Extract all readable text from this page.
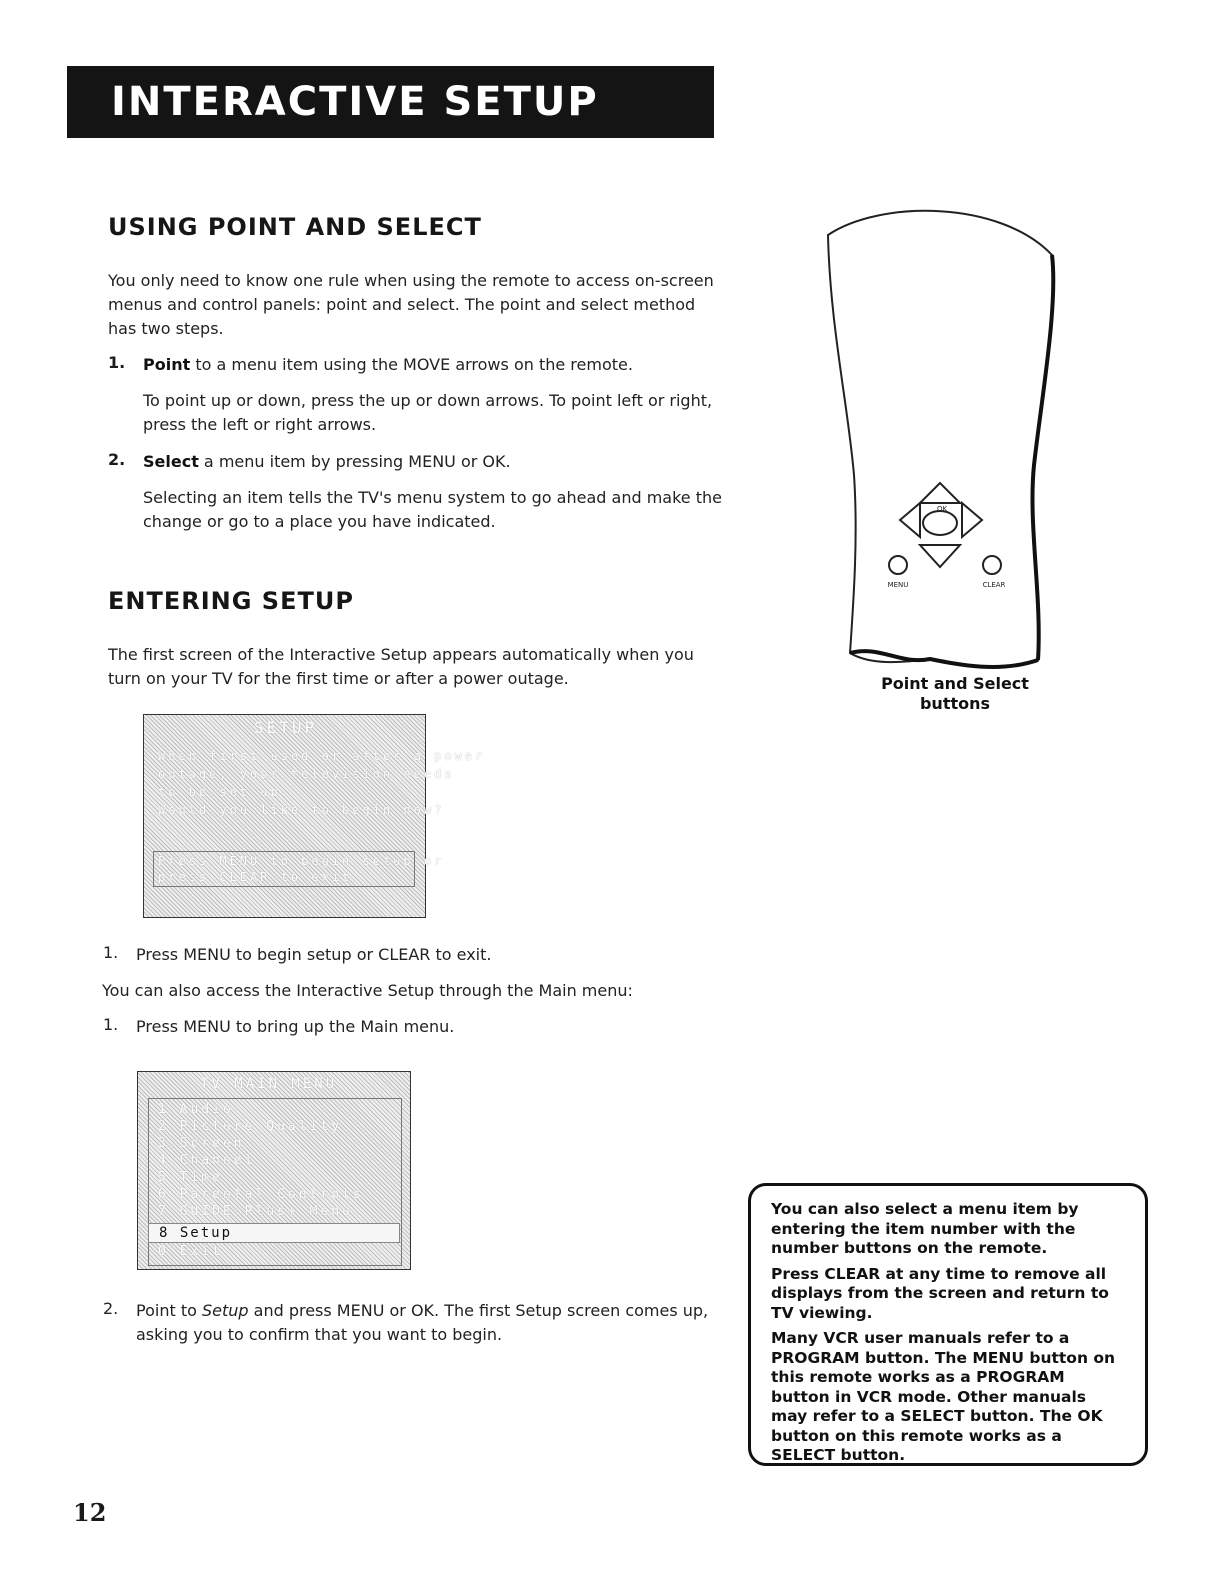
INTERACTIVE SETUP
USING POINT AND SELECT
You only need to know one rule when using the remote to access on-screen menus and control panels: point and select. The point and select method has two steps.
1. Point to a menu item using the MOVE arrows on the remote.
To point up or down, press the up or down arrows. To point left or right, press the left or right arrows.
2. Select a menu item by pressing MENU or OK.
Selecting an item tells the TV's menu system to go ahead and make the change or go to a place you have indicated.
ENTERING SETUP
The first screen of the Interactive Setup appears automatically when you turn on your TV for the first time or after a power outage.
SETUP
When first used or after a power
outage, your television needs
to be set up.
Would you like to begin now?
Press MENU to begin setup or
press CLEAR to exit.
1. Press MENU to begin setup or CLEAR to exit.
You can also access the Interactive Setup through the Main menu:
1. Press MENU to bring up the Main menu.
TV MAIN MENU
1 Audio
2 Picture Quality
3 Screen
4 Channel
5 Time
6 Parental Controls
7 GUIDE Plus+ Menu
8 Setup
0 Exit
2. Point to Setup and press MENU or OK. The first Setup screen comes up, asking you to confirm that you want to begin.
OK
MENU	CLEAR
Point and Select
buttons

You can also select a menu item by entering the item number with the number buttons on the remote.

Press CLEAR at any time to remove all displays from the screen and return to TV viewing.

Many VCR user manuals refer to a PROGRAM button. The MENU button on this remote works as a PROGRAM button in VCR mode. Other manuals may refer to a SELECT button. The OK button on this remote works as a SELECT button.

12
